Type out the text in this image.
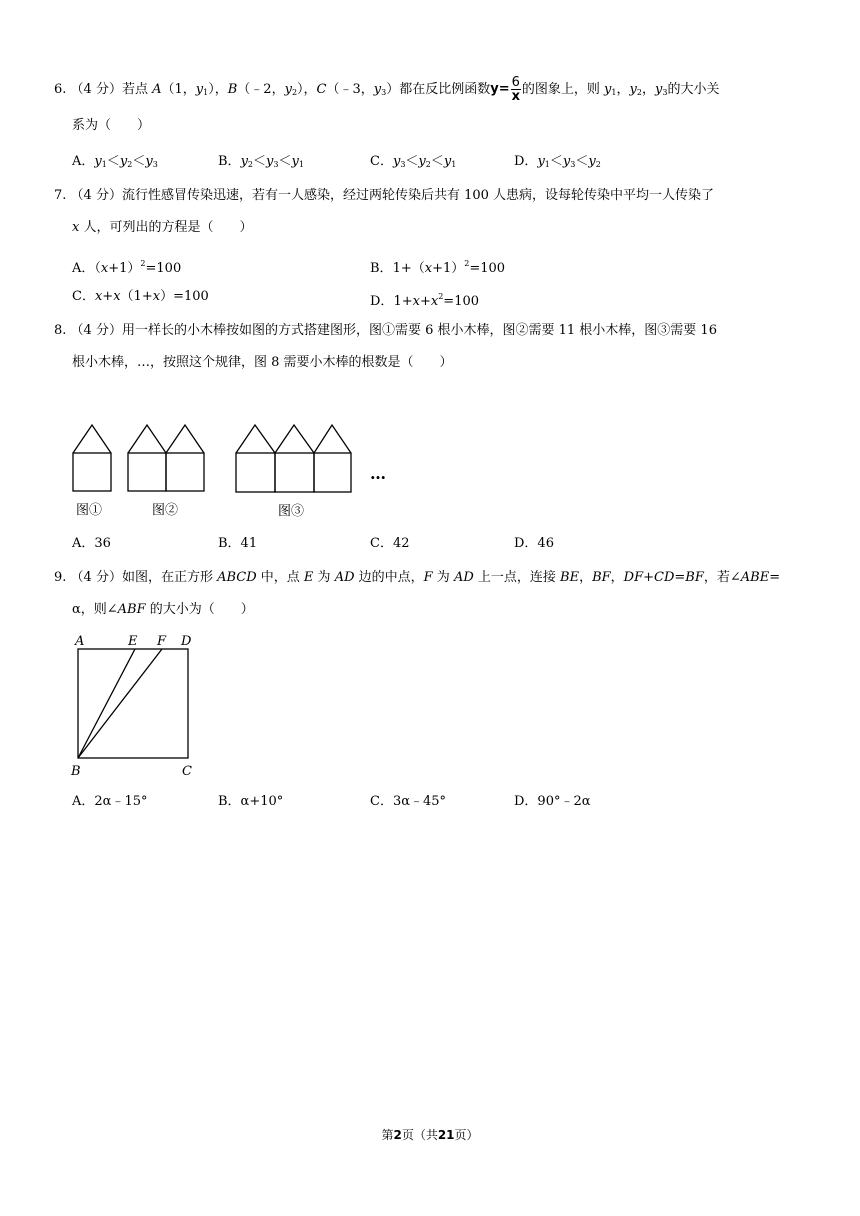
6. （4 分）若点 A（1，$y_1$），B（﹣2，$y_2$），C（﹣3，$y_3$）都在反比例函数$y= \frac{6}{x}$ 的图象上，则 $y_1$，$y_2$，$y_3$的大小关
系为（　　）
A．$y_1<y_2<y_3$	B．$y_2<y_3<y_1$	C．$y_3<y_2<y_1$	D．$y_1<y_3<y_2$
7. （4 分）流行性感冒传染迅速，若有一人感染，经过两轮传染后共有 100 人患病，设每轮传染中平均一人传染了
x 人，可列出的方程是（　　）
A．$(x+1)^2=100$	B．$1+(x+1)^2=100$
C．x+x（1+x）=100	D．$1+x+x^2=100$
8. （4 分）用一样长的小木棒按如图的方式搭建图形，图①需要 6 根小木棒，图②需要 11 根小木棒，图③需要 16
根小木棒，…，按照这个规律，图 8 需要小木棒的根数是（　　）
…
图①	图②	图③
A．36	B．41	C．42	D．46
9. （4 分）如图，在正方形 ABCD 中，点 E 为 AD 边的中点，F 为 AD 上一点，连接 BE，BF，DF+CD=BF，若∠ABE=
α，则∠ABF 的大小为（　　）
A	E F D
B	C
A．2α﹣15°	B．α+10°	C．3α﹣45°	D．90°﹣2α
第2页（共21页）
